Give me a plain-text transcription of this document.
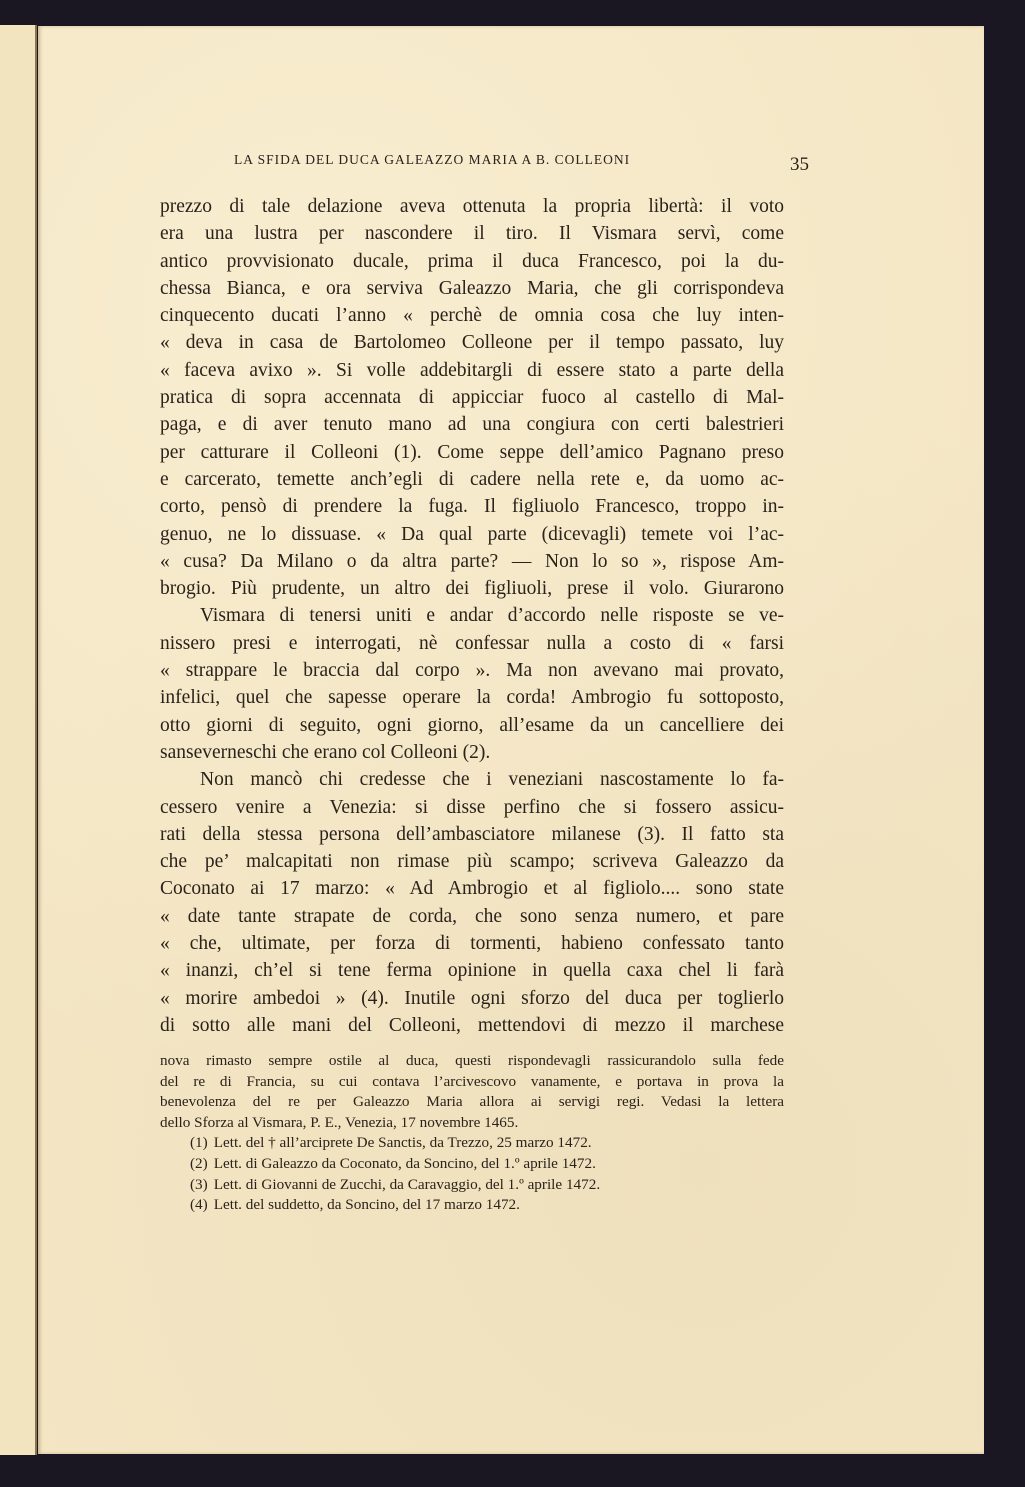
LA SFIDA DEL DUCA GALEAZZO MARIA A B. COLLEONI	35
prezzo di tale delazione aveva ottenuta la propria libertà: il voto
era una lustra per nascondere il tiro. Il Vismara servì, come
antico provvisionato ducale, prima il duca Francesco, poi la du-
chessa Bianca, e ora serviva Galeazzo Maria, che gli corrispondeva
cinquecento ducati l’anno « perchè de omnia cosa che luy inten-
« deva in casa de Bartolomeo Colleone per il tempo passato, luy
« faceva avixo ». Si volle addebitargli di essere stato a parte della
pratica di sopra accennata di appicciar fuoco al castello di Mal-
paga, e di aver tenuto mano ad una congiura con certi balestrieri
per catturare il Colleoni (1). Come seppe dell’amico Pagnano preso
e carcerato, temette anch’egli di cadere nella rete e, da uomo ac-
corto, pensò di prendere la fuga. Il figliuolo Francesco, troppo in-
genuo, ne lo dissuase. « Da qual parte (dicevagli) temete voi l’ac-
« cusa? Da Milano o da altra parte? — Non lo so », rispose Am-
brogio. Più prudente, un altro dei figliuoli, prese il volo. Giurarono
Vismara di tenersi uniti e andar d’accordo nelle risposte se ve-
nissero presi e interrogati, nè confessar nulla a costo di « farsi
« strappare le braccia dal corpo ». Ma non avevano mai provato,
infelici, quel che sapesse operare la corda! Ambrogio fu sottoposto,
otto giorni di seguito, ogni giorno, all’esame da un cancelliere dei
sanseverneschi che erano col Colleoni (2).
Non mancò chi credesse che i veneziani nascostamente lo fa-
cessero venire a Venezia: si disse perfino che si fossero assicu-
rati della stessa persona dell’ambasciatore milanese (3). Il fatto sta
che pe’ malcapitati non rimase più scampo; scriveva Galeazzo da
Coconato ai 17 marzo: « Ad Ambrogio et al figliolo.... sono state
« date tante strapate de corda, che sono senza numero, et pare
« che, ultimate, per forza di tormenti, habieno confessato tanto
« inanzi, ch’el si tene ferma opinione in quella caxa chel li farà
« morire ambedoi » (4). Inutile ogni sforzo del duca per toglierlo
di sotto alle mani del Colleoni, mettendovi di mezzo il marchese
nova rimasto sempre ostile al duca, questi rispondevagli rassicurandolo sulla fede
del re di Francia, su cui contava l’arcivescovo vanamente, e portava in prova la
benevolenza del re per Galeazzo Maria allora ai servigi regi. Vedasi la lettera
dello Sforza al Vismara, P. E., Venezia, 17 novembre 1465.
(1) Lett. del † all’arciprete De Sanctis, da Trezzo, 25 marzo 1472.
(2) Lett. di Galeazzo da Coconato, da Soncino, del 1.º aprile 1472.
(3) Lett. di Giovanni de Zucchi, da Caravaggio, del 1.º aprile 1472.
(4) Lett. del suddetto, da Soncino, del 17 marzo 1472.
